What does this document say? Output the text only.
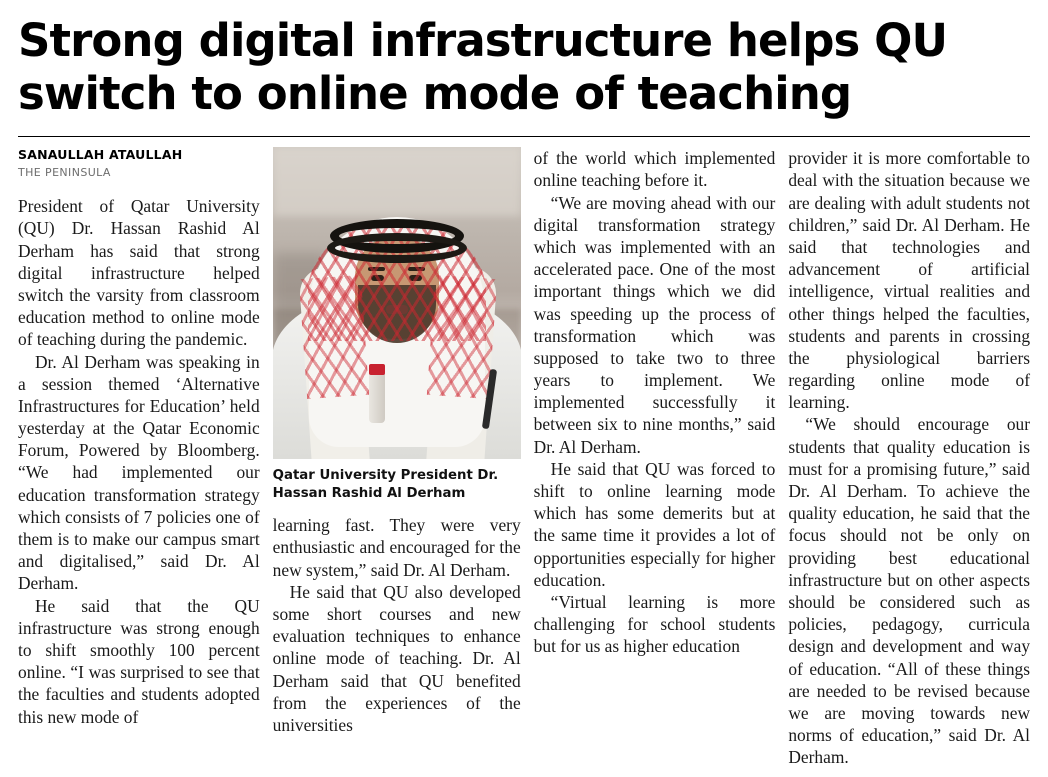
Strong digital infrastructure helps QU switch to online mode of teaching
SANAULLAH ATAULLAH
THE PENINSULA

President of Qatar University (QU) Dr. Hassan Rashid Al Derham has said that strong digital infrastructure helped switch the varsity from classroom education method to online mode of teaching during the pandemic.

Dr. Al Derham was speaking in a session themed ‘Alternative Infrastructures for Education’ held yesterday at the Qatar Economic Forum, Powered by Bloomberg. “We had implemented our education transformation strategy which consists of 7 policies one of them is to make our campus smart and digitalised,” said Dr. Al Derham.

He said that the QU infrastructure was strong enough to shift smoothly 100 percent online. “I was surprised to see that the faculties and students adopted this new mode of

Qatar University President Dr. Hassan Rashid Al Derham

learning fast. They were very enthusiastic and encouraged for the new system,” said Dr. Al Derham.

He said that QU also developed some short courses and new evaluation techniques to enhance online mode of teaching. Dr. Al Derham said that QU benefited from the experiences of the universities

of the world which implemented online teaching before it.

“We are moving ahead with our digital transformation strategy which was implemented with an accelerated pace. One of the most important things which we did was speeding up the process of transformation which was supposed to take two to three years to implement. We implemented successfully it between six to nine months,” said Dr. Al Derham.

He said that QU was forced to shift to online learning mode which has some demerits but at the same time it provides a lot of opportunities especially for higher education.

“Virtual learning is more challenging for school students but for us as higher education

provider it is more comfortable to deal with the situation because we are dealing with adult students not children,” said Dr. Al Derham. He said that technologies and advancement of artificial intelligence, virtual realities and other things helped the faculties, students and parents in crossing the physiological barriers regarding online mode of learning.

“We should encourage our students that quality education is must for a promising future,” said Dr. Al Derham. To achieve the quality education, he said that the focus should not be only on providing best educational infrastructure but on other aspects should be considered such as policies, pedagogy, curricula design and development and way of education. “All of these things are needed to be revised because we are moving towards new norms of education,” said Dr. Al Derham.
